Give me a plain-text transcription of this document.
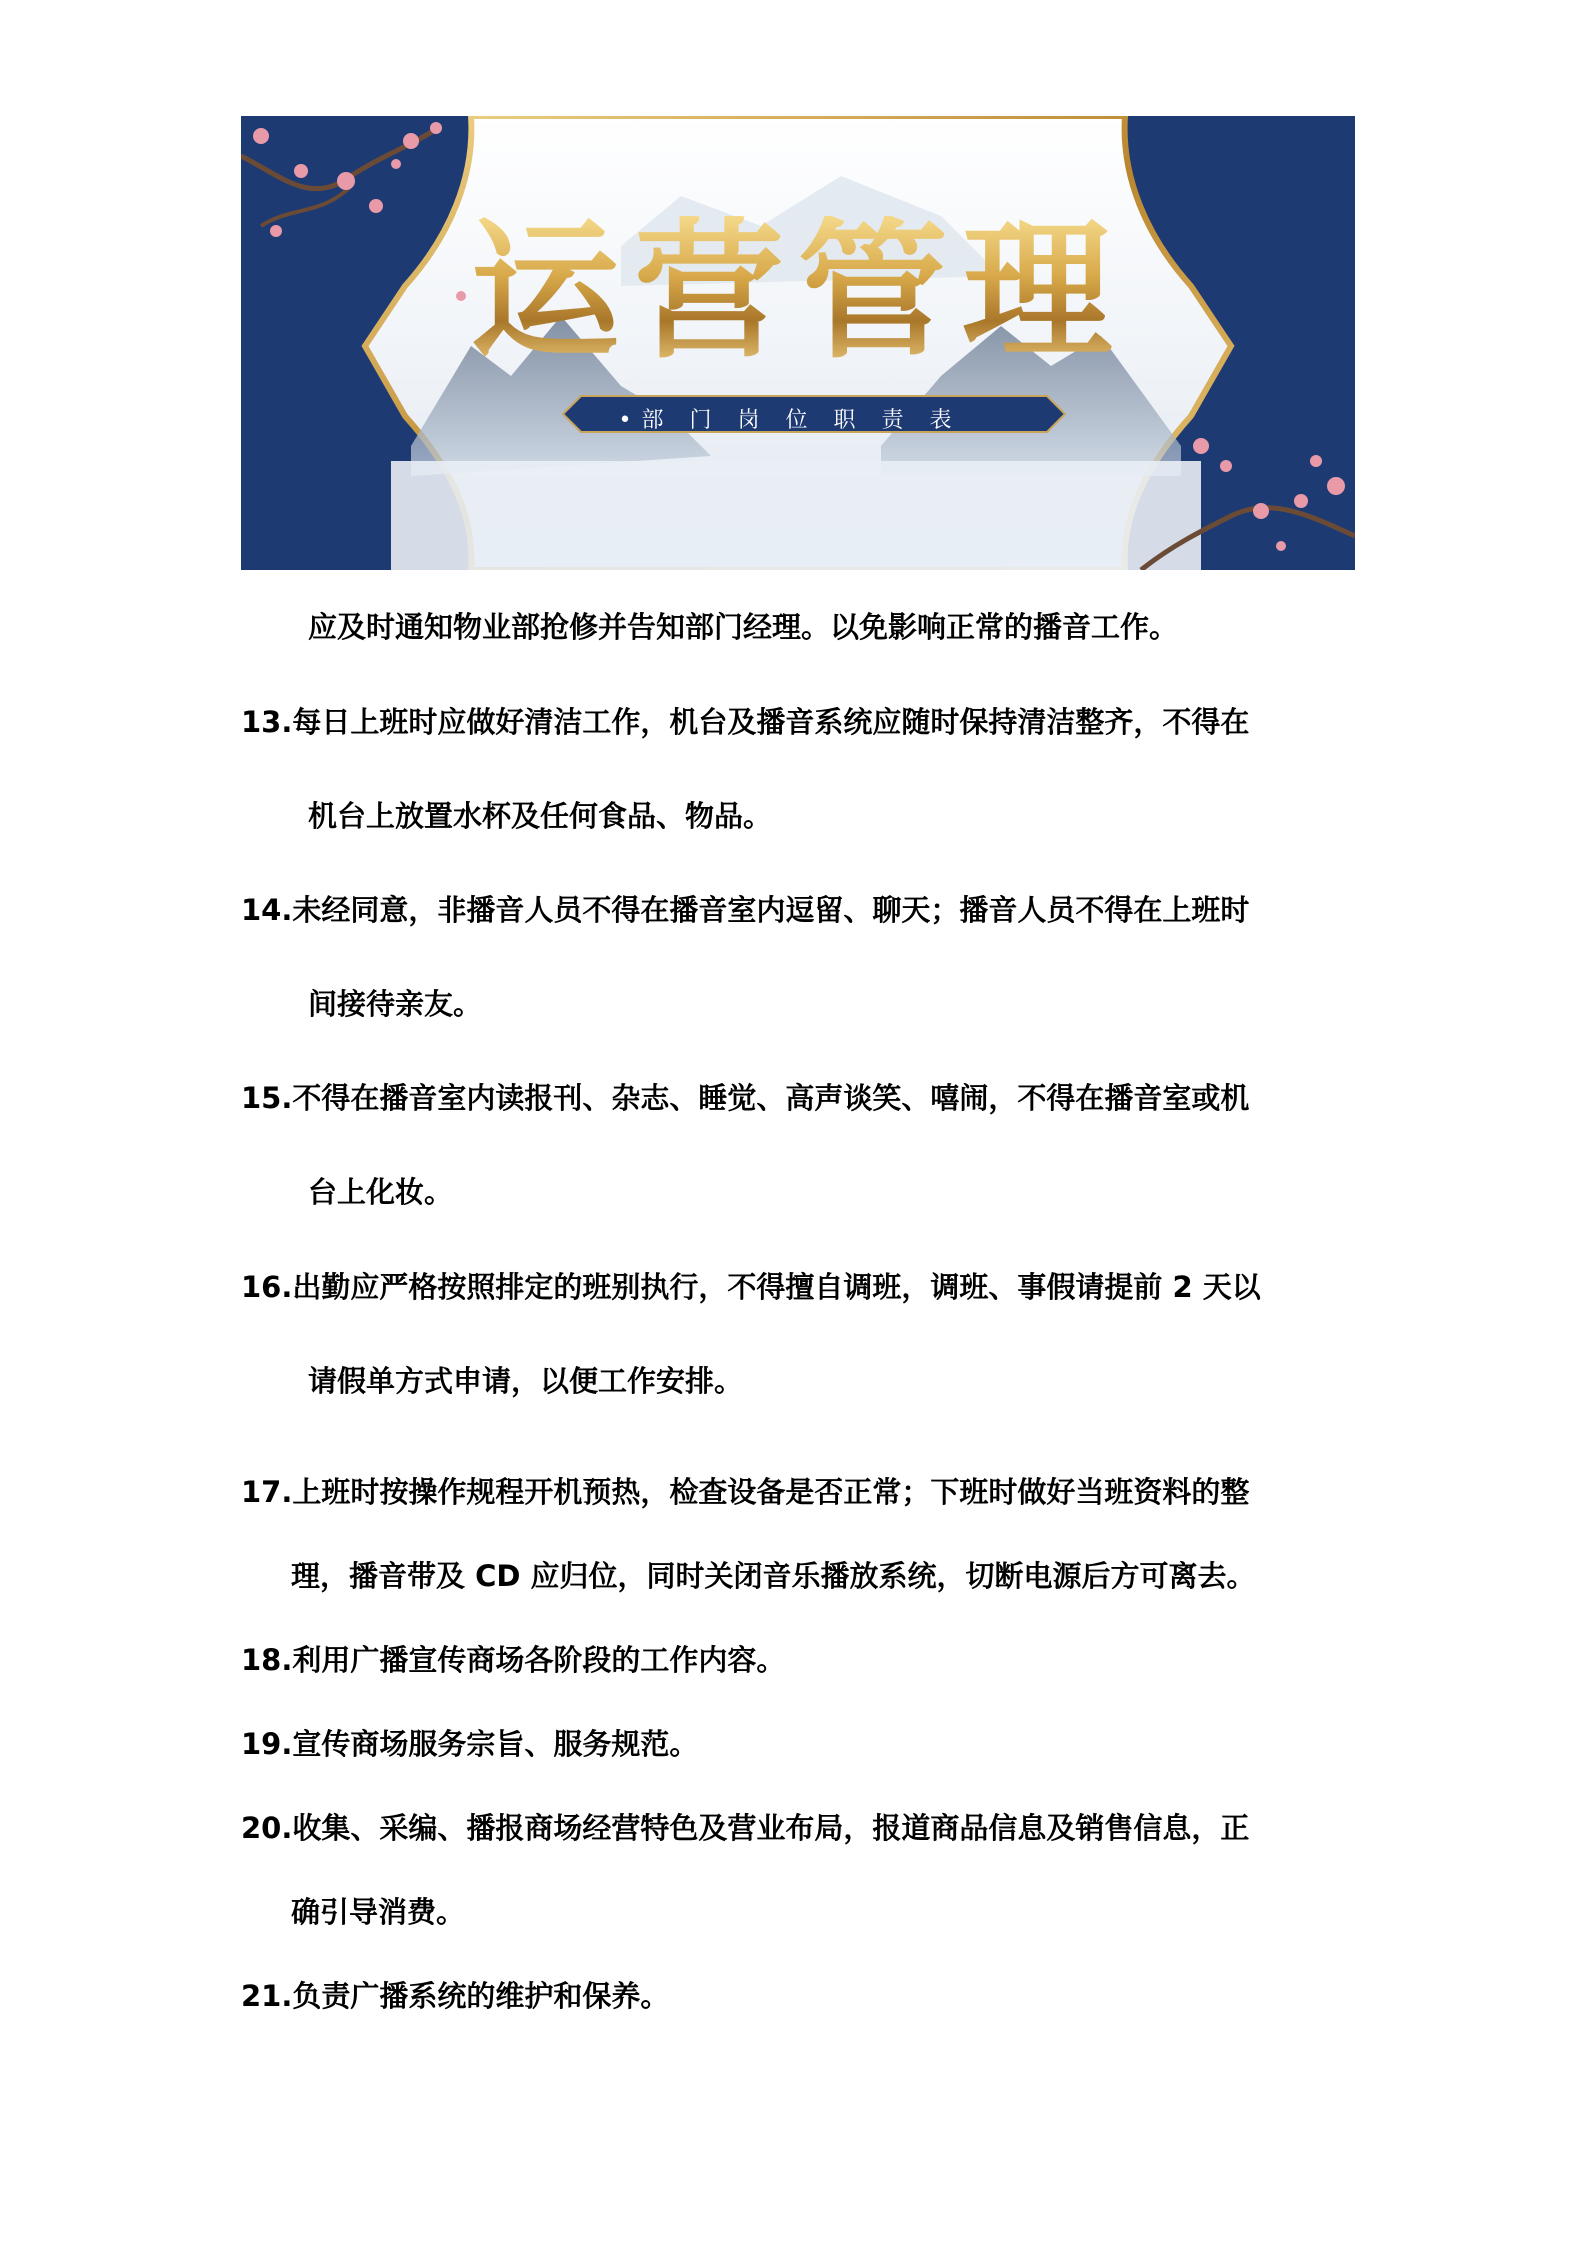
运营管理
•部门岗位职责表
应及时通知物业部抢修并告知部门经理。以免影响正常的播音工作。
13.每日上班时应做好清洁工作，机台及播音系统应随时保持清洁整齐，不得在
机台上放置水杯及任何食品、物品。
14.未经同意，非播音人员不得在播音室内逗留、聊天；播音人员不得在上班时
间接待亲友。
15.不得在播音室内读报刊、杂志、睡觉、高声谈笑、嘻闹，不得在播音室或机
台上化妆。
16.出勤应严格按照排定的班别执行，不得擅自调班，调班、事假请提前 2 天以
请假单方式申请，以便工作安排。
17.上班时按操作规程开机预热，检查设备是否正常；下班时做好当班资料的整
理，播音带及 CD 应归位，同时关闭音乐播放系统，切断电源后方可离去。
18.利用广播宣传商场各阶段的工作内容。
19.宣传商场服务宗旨、服务规范。
20.收集、采编、播报商场经营特色及营业布局，报道商品信息及销售信息，正
确引导消费。
21.负责广播系统的维护和保养。
